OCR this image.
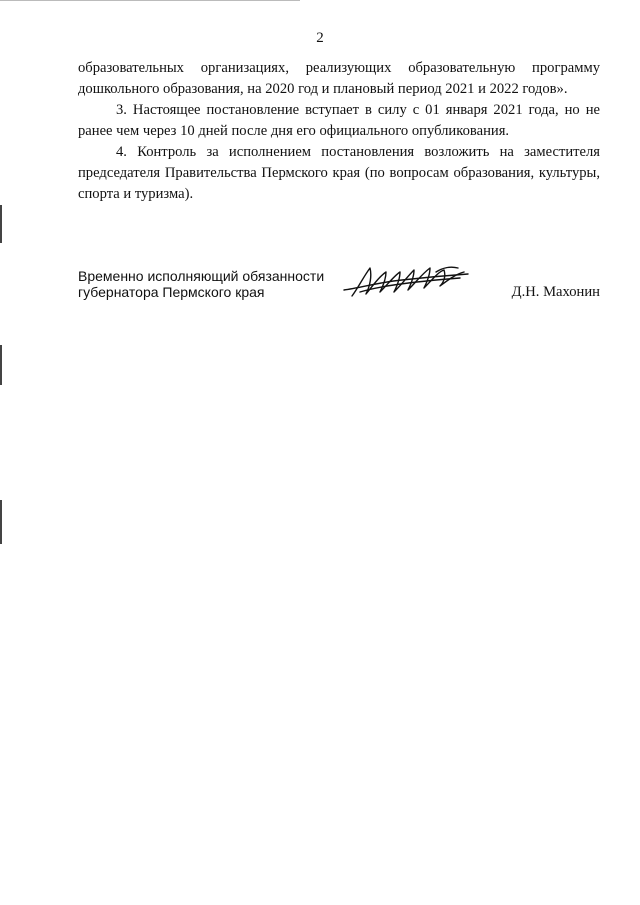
2

образовательных организациях, реализующих образовательную программу дошкольного образования, на 2020 год и плановый период 2021 и 2022 годов».

3. Настоящее постановление вступает в силу с 01 января 2021 года, но не ранее чем через 10 дней после дня его официального опубликования.

4. Контроль за исполнением постановления возложить на заместителя председателя Правительства Пермского края (по вопросам образования, культуры, спорта и туризма).

Временно исполняющий обязанности
губернатора Пермского края	Д.Н. Махонин
